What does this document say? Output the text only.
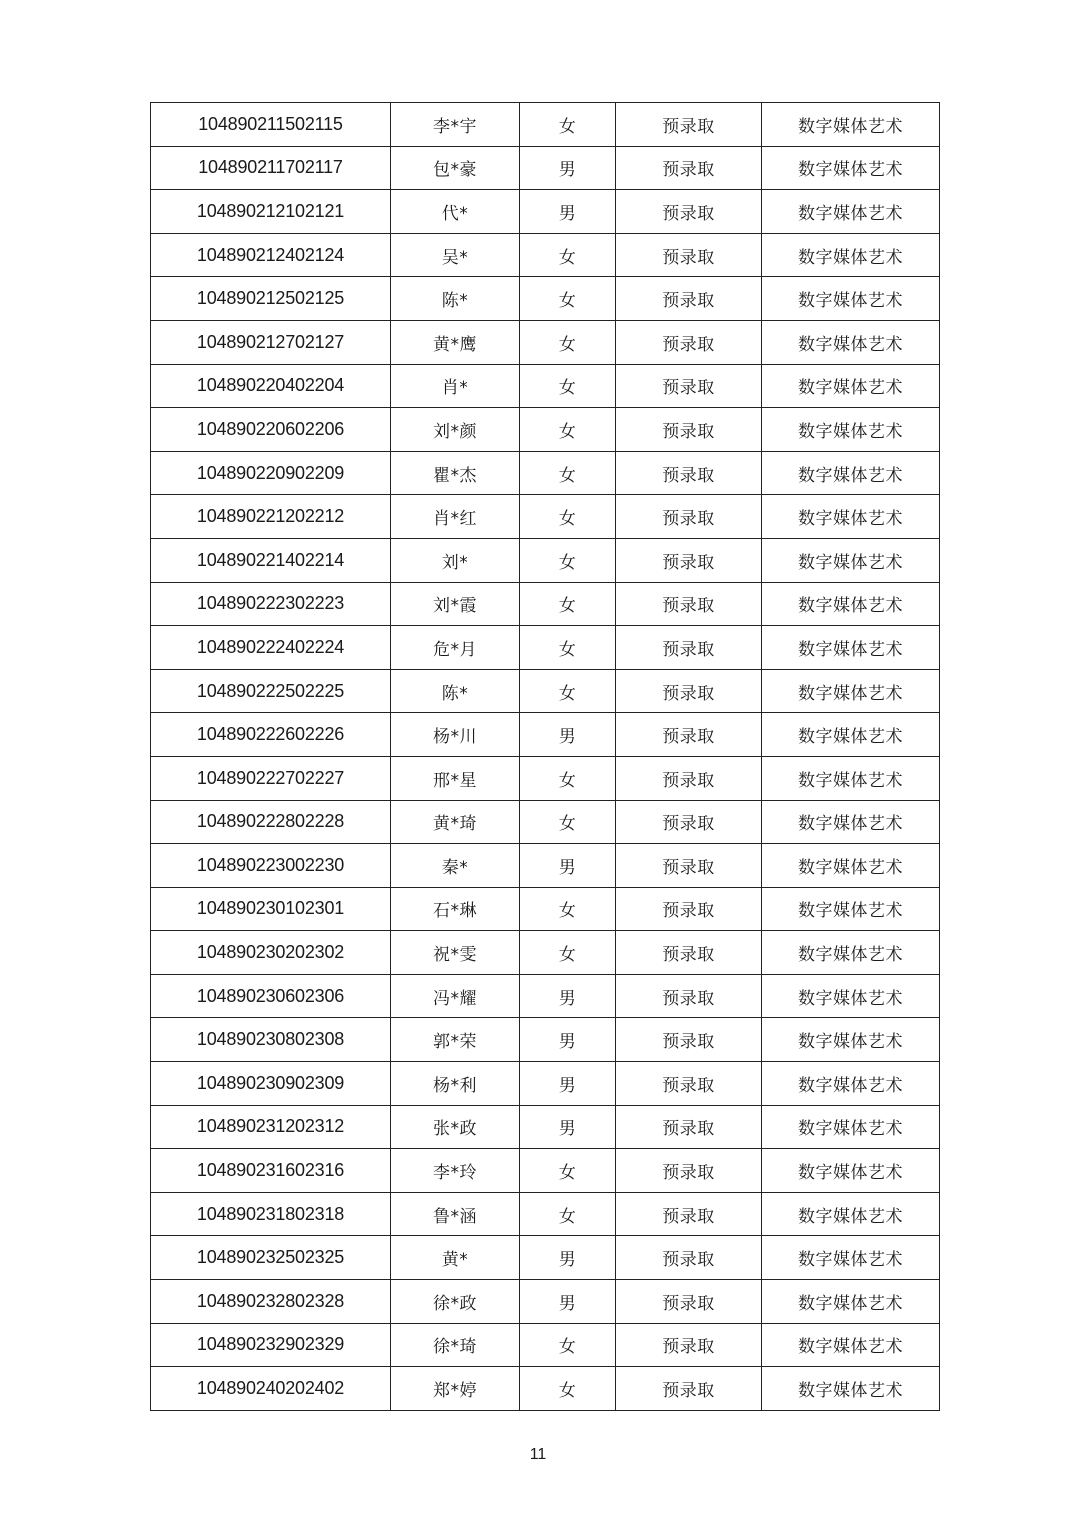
104890211502115	李*宇	女	预录取	数字媒体艺术
104890211702117	包*豪	男	预录取	数字媒体艺术
104890212102121	代*	男	预录取	数字媒体艺术
104890212402124	吴*	女	预录取	数字媒体艺术
104890212502125	陈*	女	预录取	数字媒体艺术
104890212702127	黄*鹰	女	预录取	数字媒体艺术
104890220402204	肖*	女	预录取	数字媒体艺术
104890220602206	刘*颜	女	预录取	数字媒体艺术
104890220902209	瞿*杰	女	预录取	数字媒体艺术
104890221202212	肖*红	女	预录取	数字媒体艺术
104890221402214	刘*	女	预录取	数字媒体艺术
104890222302223	刘*霞	女	预录取	数字媒体艺术
104890222402224	危*月	女	预录取	数字媒体艺术
104890222502225	陈*	女	预录取	数字媒体艺术
104890222602226	杨*川	男	预录取	数字媒体艺术
104890222702227	邢*星	女	预录取	数字媒体艺术
104890222802228	黄*琦	女	预录取	数字媒体艺术
104890223002230	秦*	男	预录取	数字媒体艺术
104890230102301	石*琳	女	预录取	数字媒体艺术
104890230202302	祝*雯	女	预录取	数字媒体艺术
104890230602306	冯*耀	男	预录取	数字媒体艺术
104890230802308	郭*荣	男	预录取	数字媒体艺术
104890230902309	杨*利	男	预录取	数字媒体艺术
104890231202312	张*政	男	预录取	数字媒体艺术
104890231602316	李*玲	女	预录取	数字媒体艺术
104890231802318	鲁*涵	女	预录取	数字媒体艺术
104890232502325	黄*	男	预录取	数字媒体艺术
104890232802328	徐*政	男	预录取	数字媒体艺术
104890232902329	徐*琦	女	预录取	数字媒体艺术
104890240202402	郑*婷	女	预录取	数字媒体艺术
11
